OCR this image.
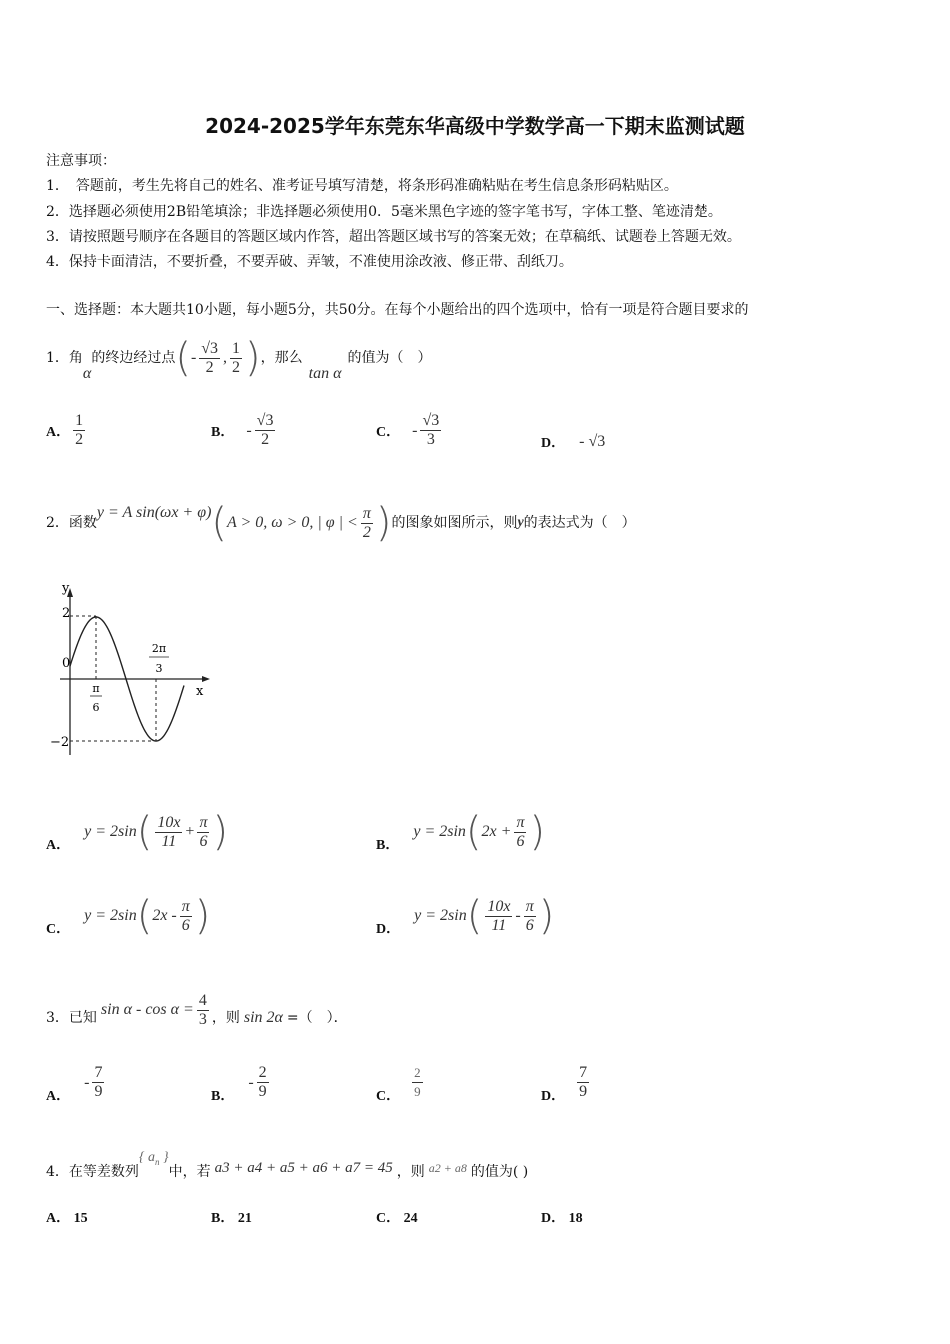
2024-2025学年东莞东华高级中学数学高一下期末监测试题
注意事项：
1．　答题前，考生先将自己的姓名、准考证号填写清楚，将条形码准确粘贴在考生信息条形码粘贴区。
2．选择题必须使用2B铅笔填涂；非选择题必须使用0．5毫米黑色字迹的签字笔书写，字体工整、笔迹清楚。
3．请按照题号顺序在各题目的答题区域内作答，超出答题区域书写的答案无效；在草稿纸、试题卷上答题无效。
4．保持卡面清洁，不要折叠，不要弄破、弄皱，不准使用涂改液、修正带、刮纸刀。
一、选择题：本大题共10小题，每小题5分，共50分。在每个小题给出的四个选项中，恰有一项是符合题目要求的
1． 角
α
的终边经过点 ( - $\frac{√3}{2}$ , $\frac{1}{2}$ ) ，那么
tan α
的值为（　）
A． $\frac{1}{2}$	B． - $\frac{√3}{2}$	C． - $\frac{√3}{3}$	D． - √3
2． 函数
y = A sin(ωx + φ) ( A > 0, ω > 0, | φ | < $\frac{\pi}{2}$ ) 的图象如图所示，则 y 的表达式为（　）
y
x
0
2
−2
π
6
2π
3
A．
y = 2sin ( $\frac{10x}{11} + \frac{\pi}{6}$ )	B．
y = 2sin ( $2x + \frac{\pi}{6}$ )
C．
y = 2sin ( $2x - \frac{\pi}{6}$ )	D．
y = 2sin ( $\frac{10x}{11} - \frac{\pi}{6}$ )
3． 已知 $\sin \alpha - \cos \alpha = \frac{4}{3}$ ，则 sin 2α =（　）．
A．
- $\frac{7}{9}$	B．
- $\frac{2}{9}$	C． $\frac{2}{9}$	D． $\frac{7}{9}$
4． 在等差数列
{ $a_n$ }
中，若 a3 + a4 + a5 + a6 + a7 = 45 ，则 a2 + a8 的值为( )
A． 15	B． 21	C． 24	D． 18
